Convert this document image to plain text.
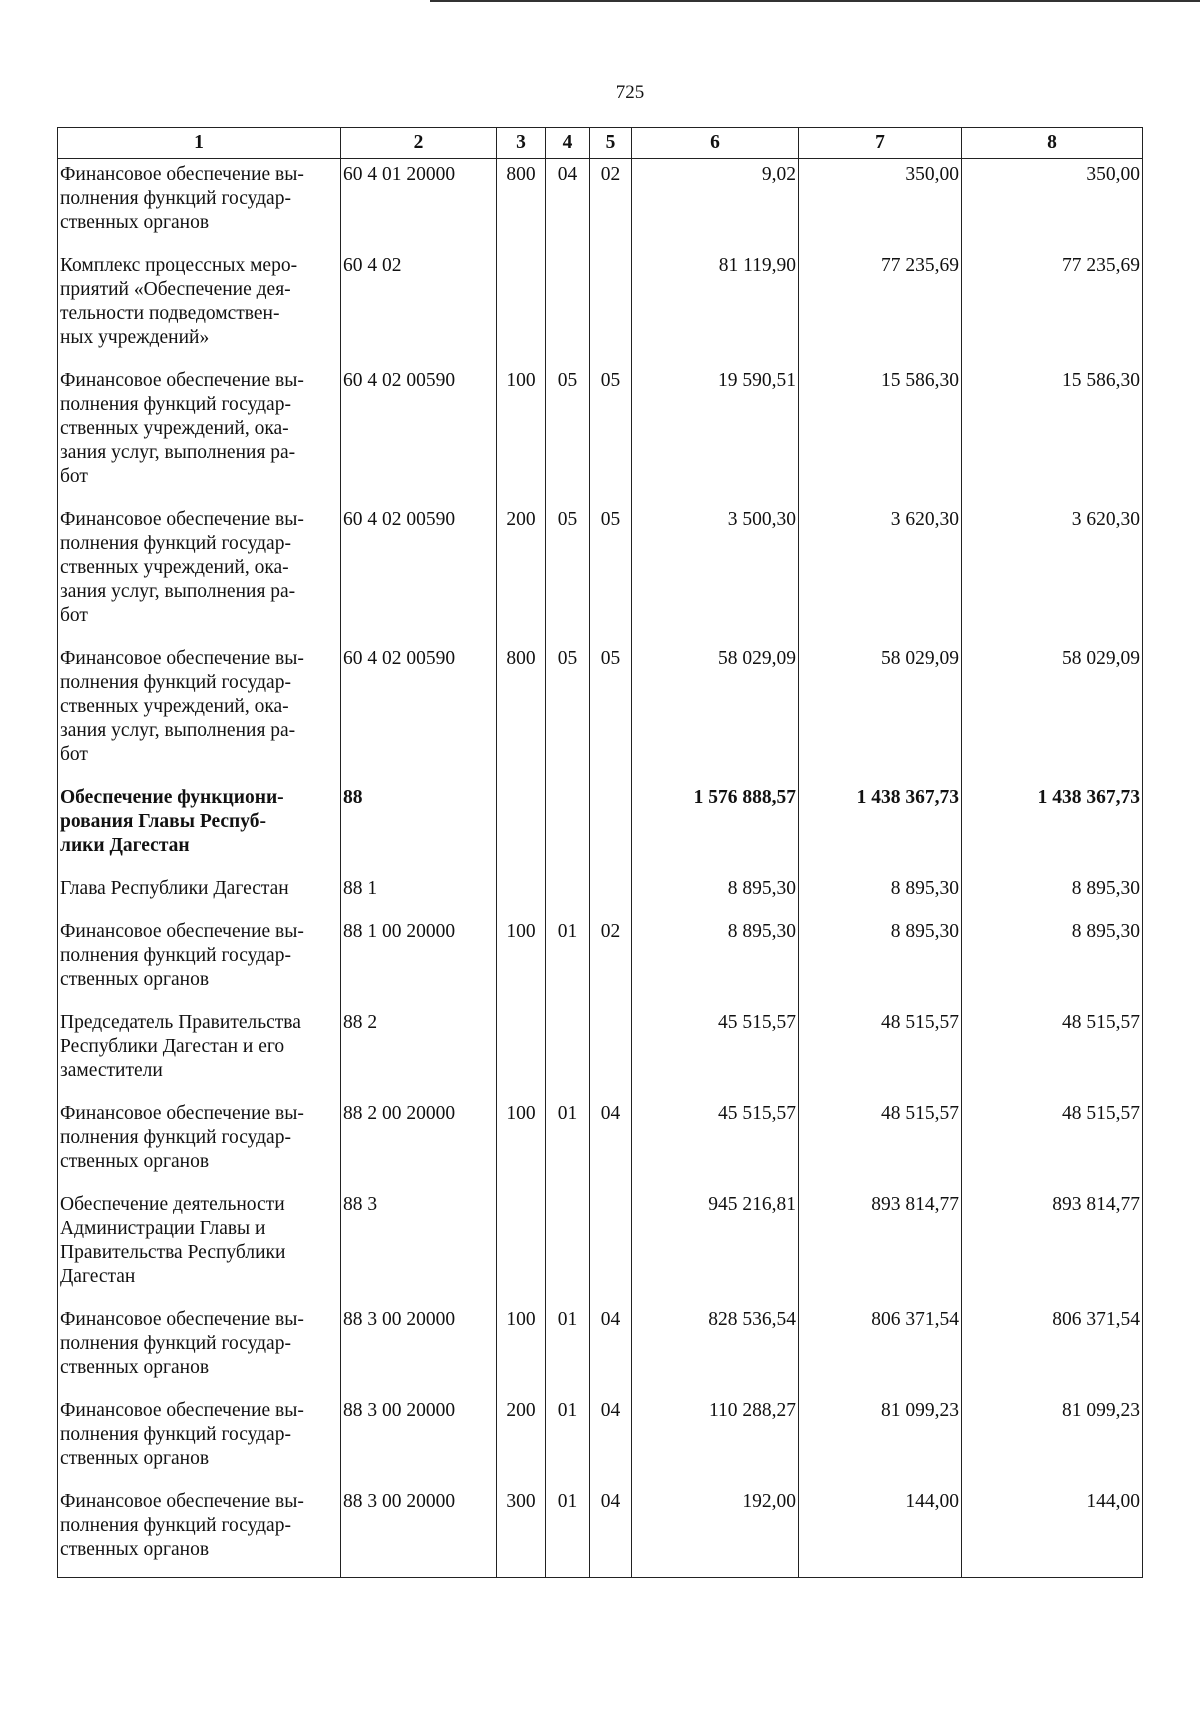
725
1	2	3	4	5	6	7	8
Финансовое обеспечение вы-
полнения функций государ-
ственных органов	60 4 01 20000	800	04	02	9,02	350,00	350,00
Комплекс процессных меро-
приятий «Обеспечение дея-
тельности подведомствен-
ных учреждений»	60 4 02				81 119,90	77 235,69	77 235,69
Финансовое обеспечение вы-
полнения функций государ-
ственных учреждений, ока-
зания услуг, выполнения ра-
бот	60 4 02 00590	100	05	05	19 590,51	15 586,30	15 586,30
Финансовое обеспечение вы-
полнения функций государ-
ственных учреждений, ока-
зания услуг, выполнения ра-
бот	60 4 02 00590	200	05	05	3 500,30	3 620,30	3 620,30
Финансовое обеспечение вы-
полнения функций государ-
ственных учреждений, ока-
зания услуг, выполнения ра-
бот	60 4 02 00590	800	05	05	58 029,09	58 029,09	58 029,09
Обеспечение функциони-
рования Главы Респуб-
лики Дагестан	88				1 576 888,57	1 438 367,73	1 438 367,73
Глава Республики Дагестан	88 1				8 895,30	8 895,30	8 895,30
Финансовое обеспечение вы-
полнения функций государ-
ственных органов	88 1 00 20000	100	01	02	8 895,30	8 895,30	8 895,30
Председатель Правительства
Республики Дагестан и его
заместители	88 2				45 515,57	48 515,57	48 515,57
Финансовое обеспечение вы-
полнения функций государ-
ственных органов	88 2 00 20000	100	01	04	45 515,57	48 515,57	48 515,57
Обеспечение деятельности
Администрации Главы и
Правительства Республики
Дагестан	88 3				945 216,81	893 814,77	893 814,77
Финансовое обеспечение вы-
полнения функций государ-
ственных органов	88 3 00 20000	100	01	04	828 536,54	806 371,54	806 371,54
Финансовое обеспечение вы-
полнения функций государ-
ственных органов	88 3 00 20000	200	01	04	110 288,27	81 099,23	81 099,23
Финансовое обеспечение вы-
полнения функций государ-
ственных органов	88 3 00 20000	300	01	04	192,00	144,00	144,00
